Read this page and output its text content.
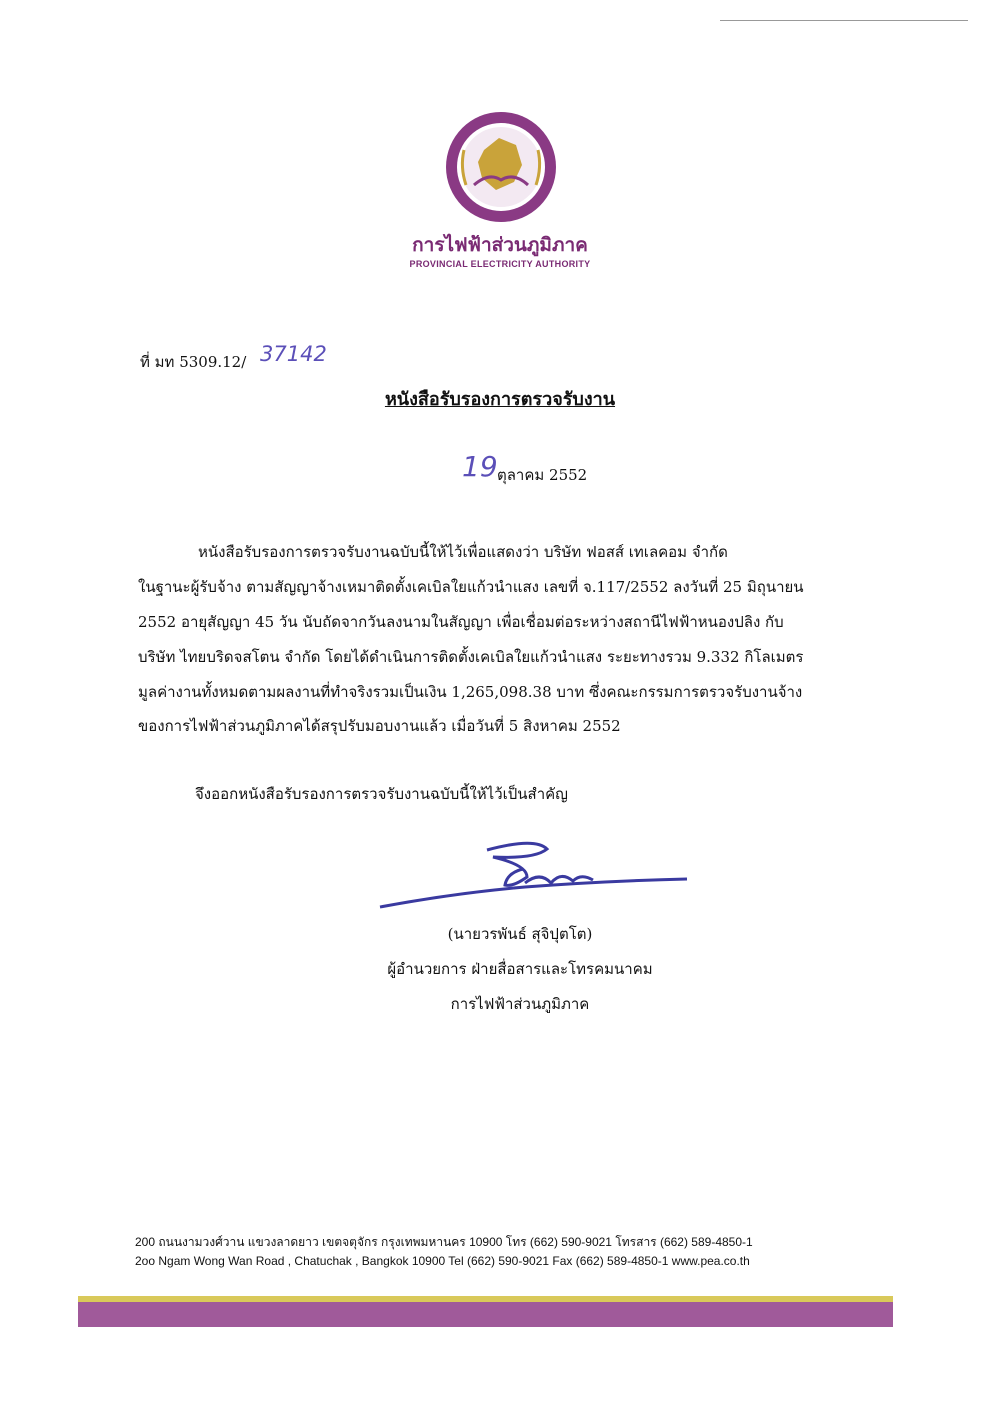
การไฟฟ้าส่วนภูมิภาค
PROVINCIAL ELECTRICITY AUTHORITY
ที่ มท 5309.12/ 37142
หนังสือรับรองการตรวจรับงาน
19 ตุลาคม 2552
หนังสือรับรองการตรวจรับงานฉบับนี้ให้ไว้เพื่อแสดงว่า บริษัท ฟอสส์ เทเลคอม จำกัด
ในฐานะผู้รับจ้าง ตามสัญญาจ้างเหมาติดตั้งเคเบิลใยแก้วนำแสง เลขที่ จ.117/2552 ลงวันที่ 25 มิถุนายน
2552 อายุสัญญา 45 วัน นับถัดจากวันลงนามในสัญญา เพื่อเชื่อมต่อระหว่างสถานีไฟฟ้าหนองปลิง กับ
บริษัท ไทยบริดจสโตน จำกัด โดยได้ดำเนินการติดตั้งเคเบิลใยแก้วนำแสง ระยะทางรวม 9.332 กิโลเมตร
มูลค่างานทั้งหมดตามผลงานที่ทำจริงรวมเป็นเงิน 1,265,098.38 บาท ซึ่งคณะกรรมการตรวจรับงานจ้าง
ของการไฟฟ้าส่วนภูมิภาคได้สรุปรับมอบงานแล้ว เมื่อวันที่ 5 สิงหาคม 2552
จึงออกหนังสือรับรองการตรวจรับงานฉบับนี้ให้ไว้เป็นสำคัญ
(นายวรพันธ์ สุจิปุตโต)
ผู้อำนวยการ ฝ่ายสื่อสารและโทรคมนาคม
การไฟฟ้าส่วนภูมิภาค
200 ถนนงามวงศ์วาน แขวงลาดยาว เขตจตุจักร กรุงเทพมหานคร 10900 โทร (662) 590-9021 โทรสาร (662) 589-4850-1
2oo Ngam Wong Wan Road , Chatuchak , Bangkok 10900 Tel (662) 590-9021 Fax (662) 589-4850-1 www.pea.co.th
